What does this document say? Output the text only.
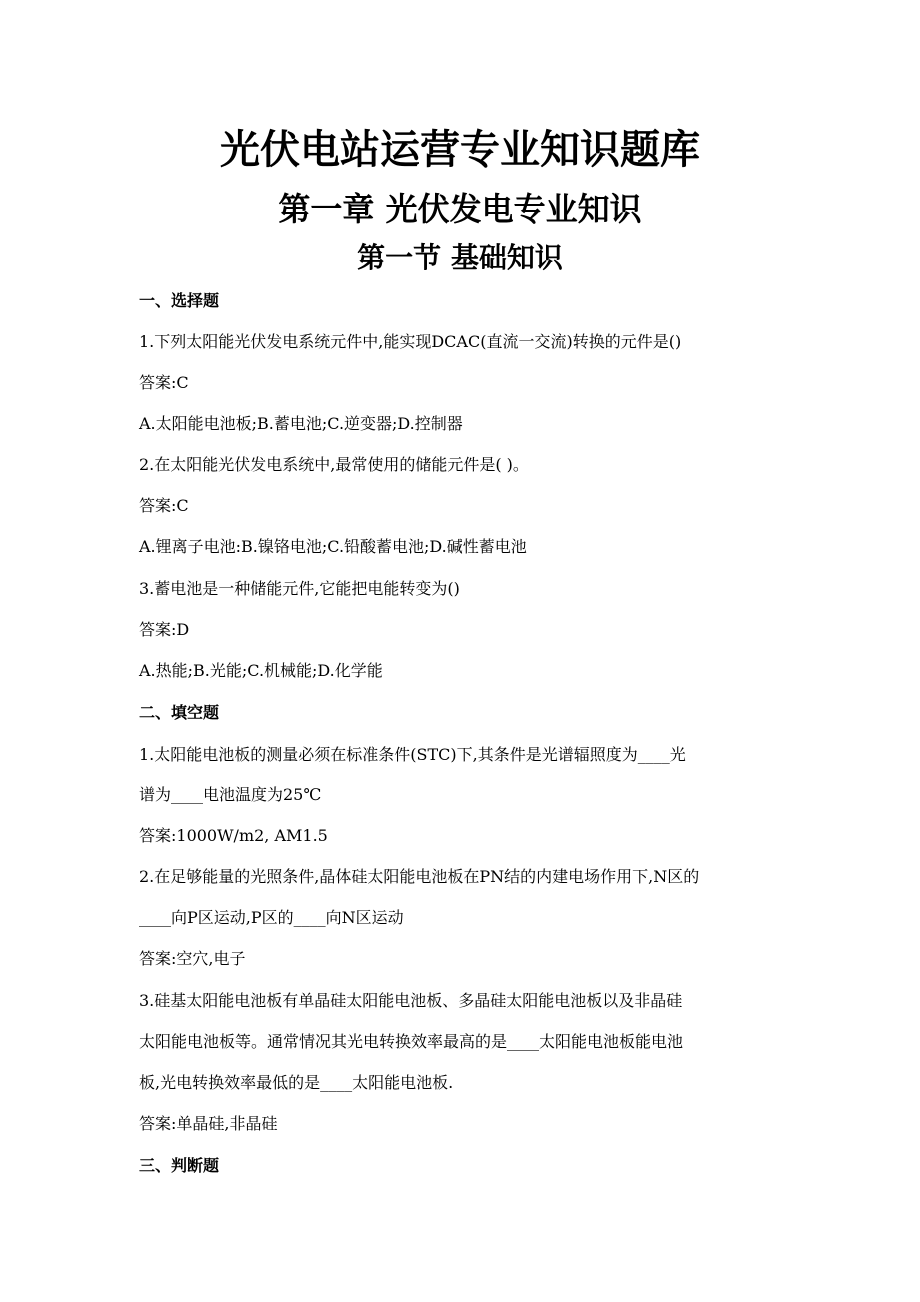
光伏电站运营专业知识题库
第一章 光伏发电专业知识
第一节 基础知识
一、选择题
1.下列太阳能光伏发电系统元件中,能实现DCAC(直流一交流)转换的元件是()
答案:C
A.太阳能电池板;B.蓄电池;C.逆变器;D.控制器
2.在太阳能光伏发电系统中,最常使用的储能元件是( )。
答案:C
A.锂离子电池:B.镍铬电池;C.铅酸蓄电池;D.碱性蓄电池
3.蓄电池是一种储能元件,它能把电能转变为()
答案:D
A.热能;B.光能;C.机械能;D.化学能
二、填空题
1.太阳能电池板的测量必须在标准条件(STC)下,其条件是光谱辐照度为____光
谱为____电池温度为25℃
答案:1000W/m2, AM1.5
2.在足够能量的光照条件,晶体硅太阳能电池板在PN结的内建电场作用下,N区的
____向P区运动,P区的____向N区运动
答案:空穴,电子
3.硅基太阳能电池板有单晶硅太阳能电池板、多晶硅太阳能电池板以及非晶硅
太阳能电池板等。通常情况其光电转换效率最高的是____太阳能电池板能电池
板,光电转换效率最低的是____太阳能电池板.
答案:单晶硅,非晶硅
三、判断题
